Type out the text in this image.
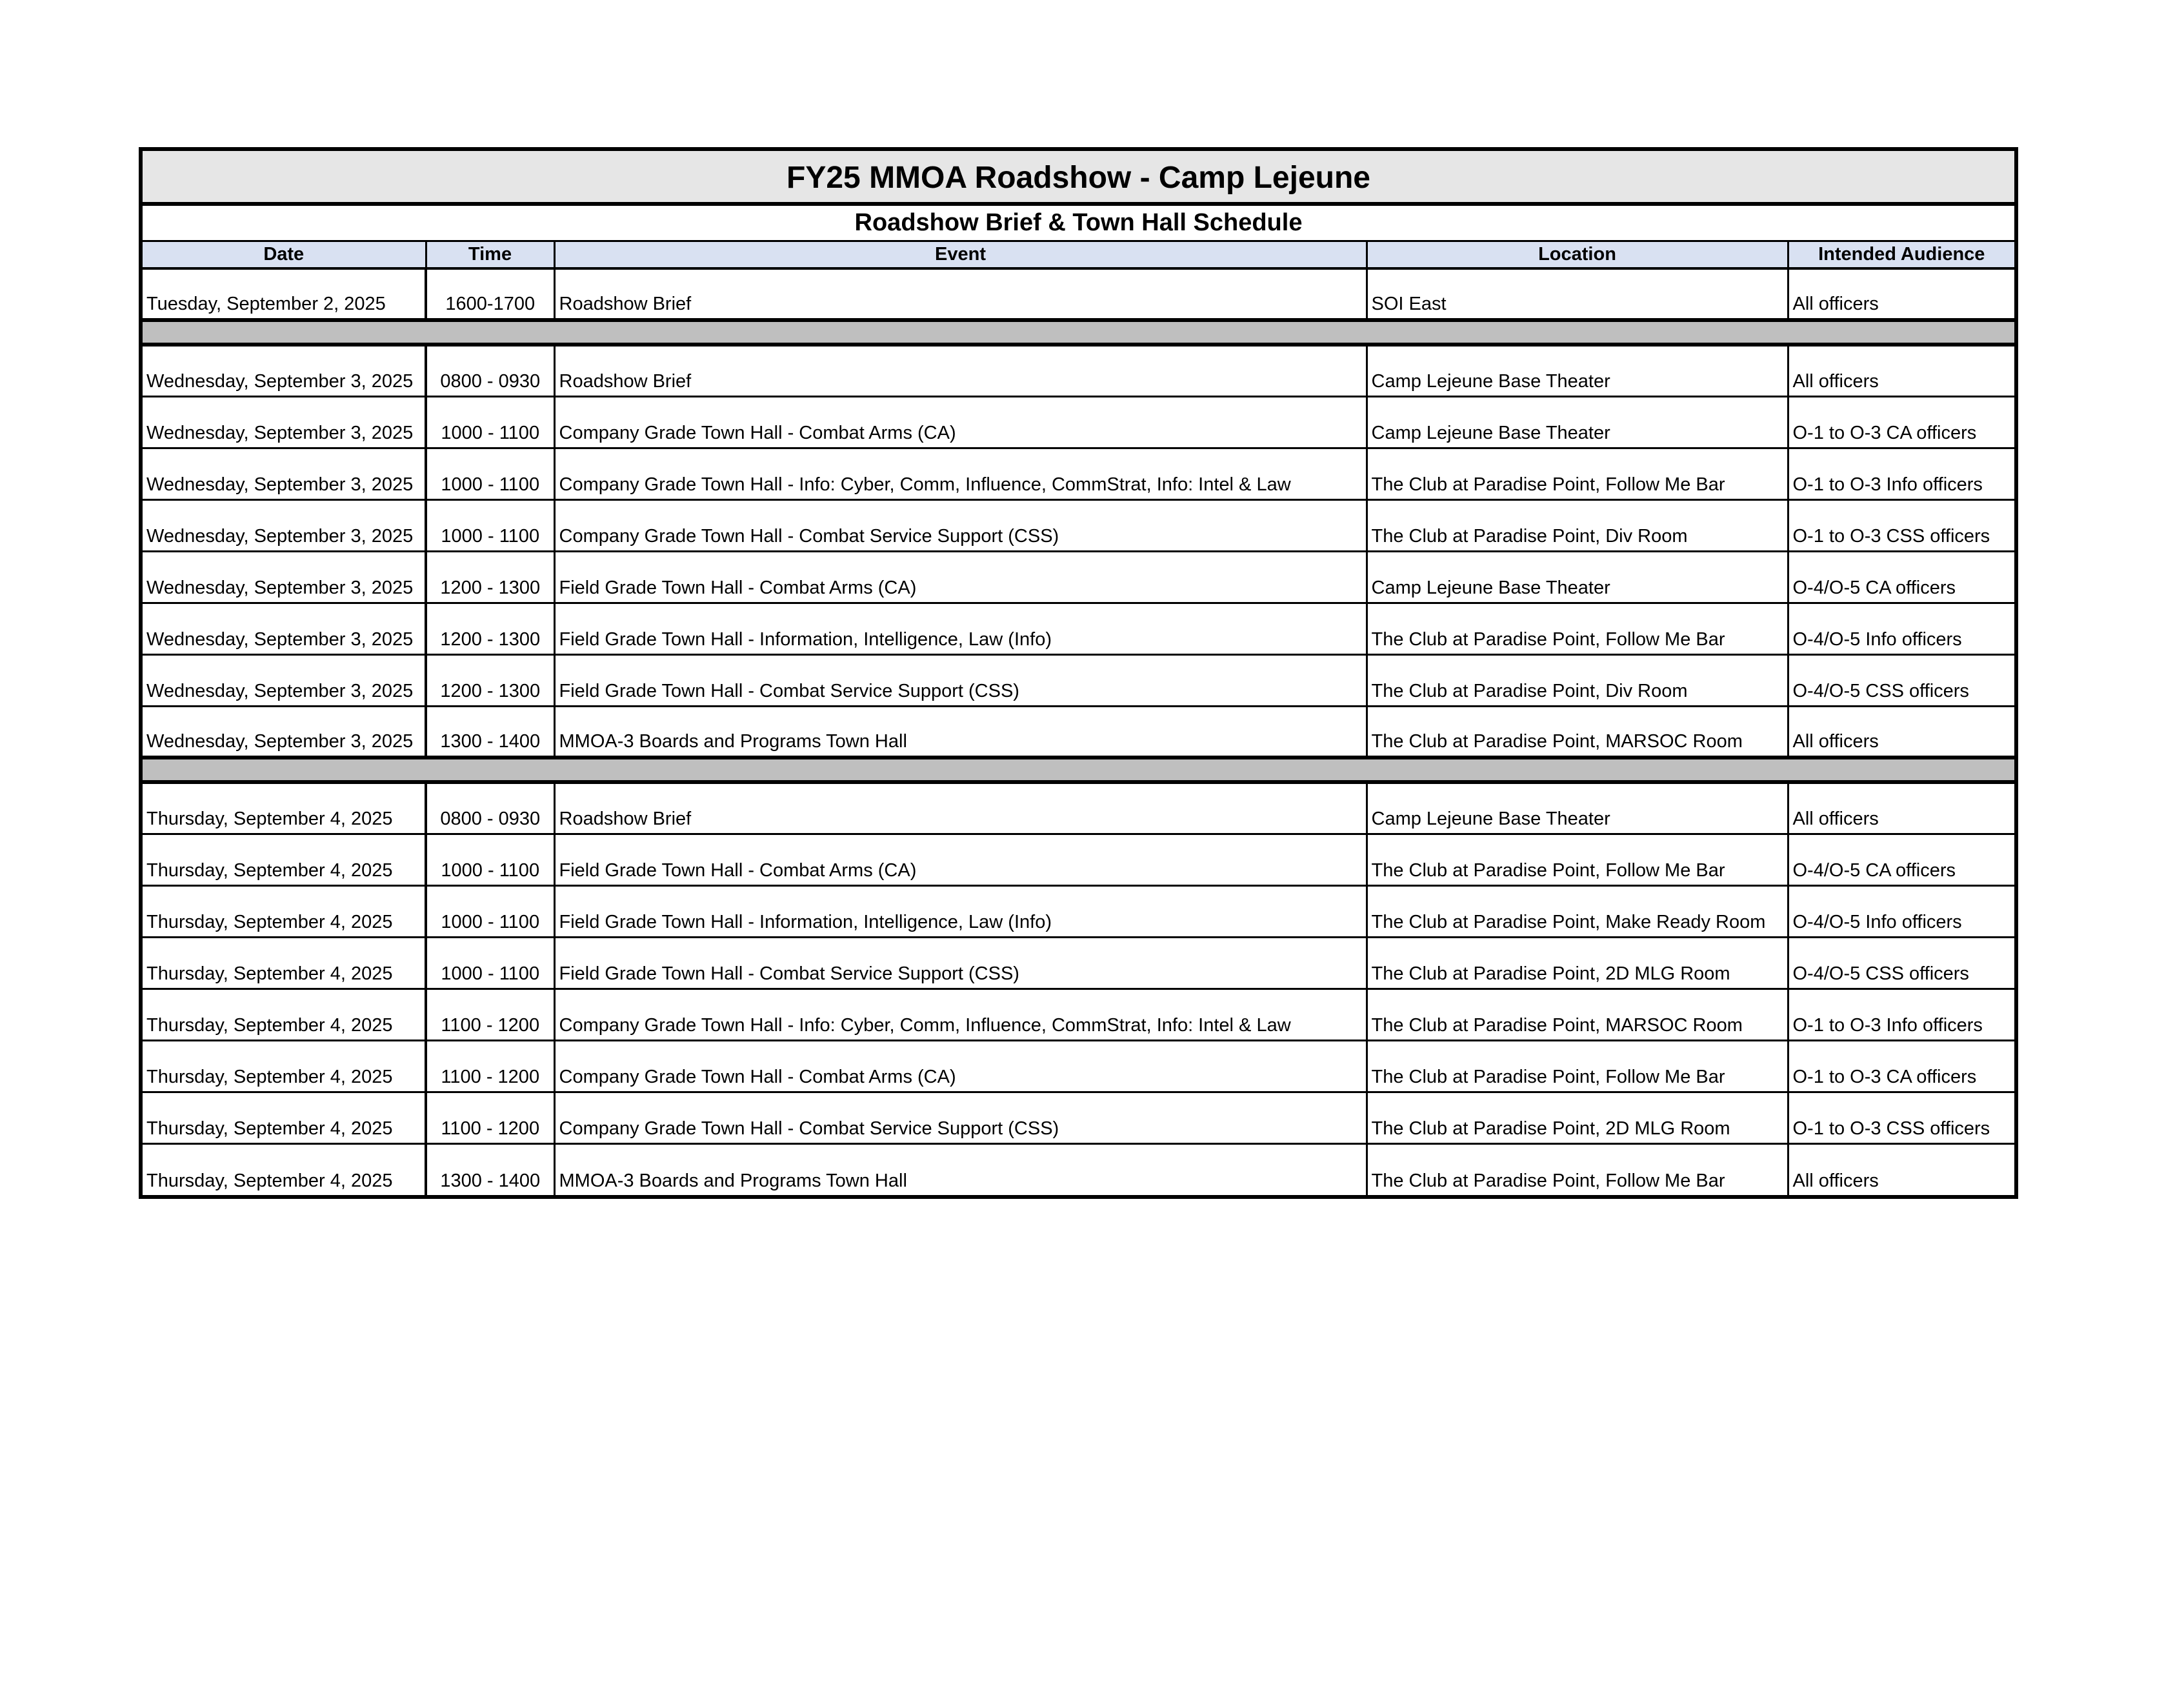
FY25 MMOA Roadshow - Camp Lejeune				
Roadshow Brief & Town Hall Schedule				
Date	Time	Event	Location	Intended Audience
Tuesday, September 2, 2025	1600-1700	Roadshow Brief	SOI East	All officers

Wednesday, September 3, 2025	0800 - 0930	Roadshow Brief	Camp Lejeune Base Theater	All officers
Wednesday, September 3, 2025	1000 - 1100	Company Grade Town Hall - Combat Arms (CA)	Camp Lejeune Base Theater	O-1 to O-3 CA officers
Wednesday, September 3, 2025	1000 - 1100	Company Grade Town Hall - Info: Cyber, Comm, Influence, CommStrat, Info: Intel & Law	The Club at Paradise Point, Follow Me Bar	O-1 to O-3 Info officers
Wednesday, September 3, 2025	1000 - 1100	Company Grade Town Hall - Combat Service Support (CSS)	The Club at Paradise Point, Div Room	O-1 to O-3 CSS officers
Wednesday, September 3, 2025	1200 - 1300	Field Grade Town Hall - Combat Arms (CA)	Camp Lejeune Base Theater	O-4/O-5 CA officers
Wednesday, September 3, 2025	1200 - 1300	Field Grade Town Hall - Information, Intelligence, Law (Info)	The Club at Paradise Point, Follow Me Bar	O-4/O-5 Info officers
Wednesday, September 3, 2025	1200 - 1300	Field Grade Town Hall - Combat Service Support (CSS)	The Club at Paradise Point, Div Room	O-4/O-5 CSS officers
Wednesday, September 3, 2025	1300 - 1400	MMOA-3 Boards and Programs Town Hall	The Club at Paradise Point, MARSOC Room	All officers

Thursday, September 4, 2025	0800 - 0930	Roadshow Brief	Camp Lejeune Base Theater	All officers
Thursday, September 4, 2025	1000 - 1100	Field Grade Town Hall - Combat Arms (CA)	The Club at Paradise Point, Follow Me Bar	O-4/O-5 CA officers
Thursday, September 4, 2025	1000 - 1100	Field Grade Town Hall - Information, Intelligence, Law (Info)	The Club at Paradise Point, Make Ready Room	O-4/O-5 Info officers
Thursday, September 4, 2025	1000 - 1100	Field Grade Town Hall - Combat Service Support (CSS)	The Club at Paradise Point, 2D MLG Room	O-4/O-5 CSS officers
Thursday, September 4, 2025	1100 - 1200	Company Grade Town Hall - Info: Cyber, Comm, Influence, CommStrat, Info: Intel & Law	The Club at Paradise Point, MARSOC Room	O-1 to O-3 Info officers
Thursday, September 4, 2025	1100 - 1200	Company Grade Town Hall - Combat Arms (CA)	The Club at Paradise Point, Follow Me Bar	O-1 to O-3 CA officers
Thursday, September 4, 2025	1100 - 1200	Company Grade Town Hall - Combat Service Support (CSS)	The Club at Paradise Point, 2D MLG Room	O-1 to O-3 CSS officers
Thursday, September 4, 2025	1300 - 1400	MMOA-3 Boards and Programs Town Hall	The Club at Paradise Point, Follow Me Bar	All officers
